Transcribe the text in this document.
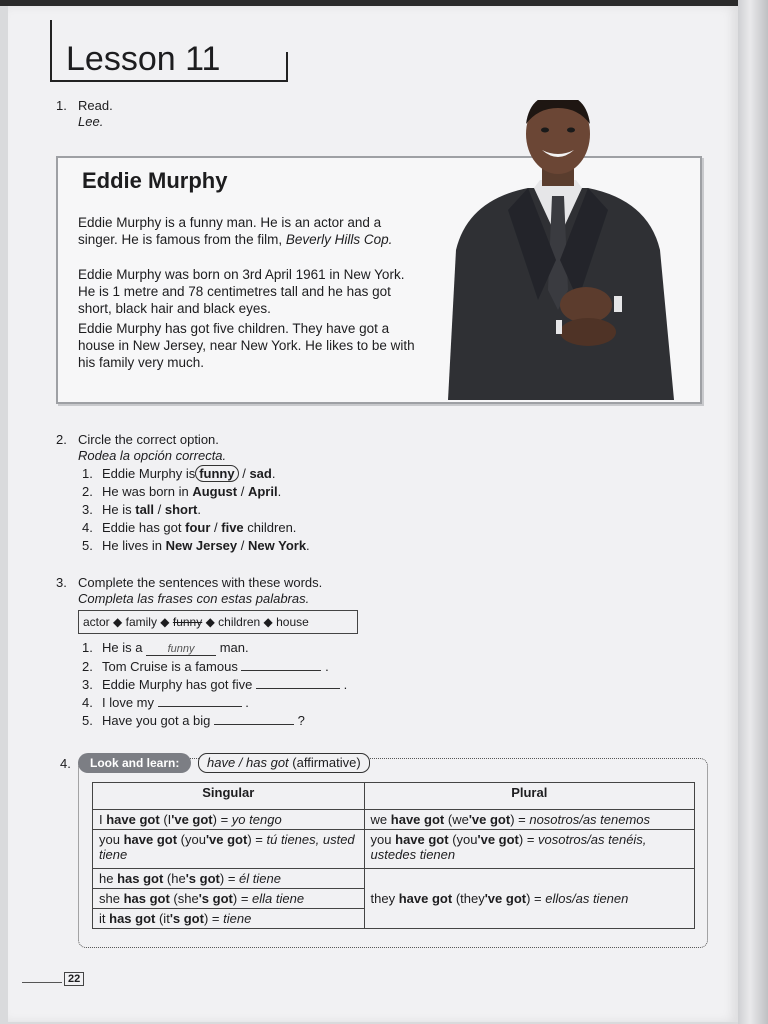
Lesson 11
1. Read.
Lee.
Eddie Murphy
Eddie Murphy is a funny man. He is an actor and a singer. He is famous from the film, Beverly Hills Cop.
Eddie Murphy was born on 3rd April 1961 in New York. He is 1 metre and 78 centimetres tall and he has got short, black hair and black eyes.
Eddie Murphy has got five children. They have got a house in New Jersey, near New York. He likes to be with his family very much.
2. Circle the correct option.
Rodea la opción correcta.
1. Eddie Murphy is funny / sad.
2. He was born in August / April.
3. He is tall / short.
4. Eddie has got four / five children.
5. He lives in New Jersey / New York.
3. Complete the sentences with these words.
Completa las frases con estas palabras.
actor ◆ family ◆ funny ◆ children ◆ house
1. He is a funny man.
2. Tom Cruise is a famous	.
3. Eddie Murphy has got five	.
4. I love my	.
5. Have you got a big	?
4.	Look and learn:	have / has got (affirmative)
Singular	Plural
I have got (I've got) = yo tengo	we have got (we've got) = nosotros/as tenemos
you have got (you've got) = tú tienes, usted tiene	you have got (you've got) = vosotros/as tenéis, ustedes tienen
he has got (he's got) = él tiene	they have got (they've got) = ellos/as tienen
she has got (she's got) = ella tiene	
it has got (it's got) = tiene	
22
